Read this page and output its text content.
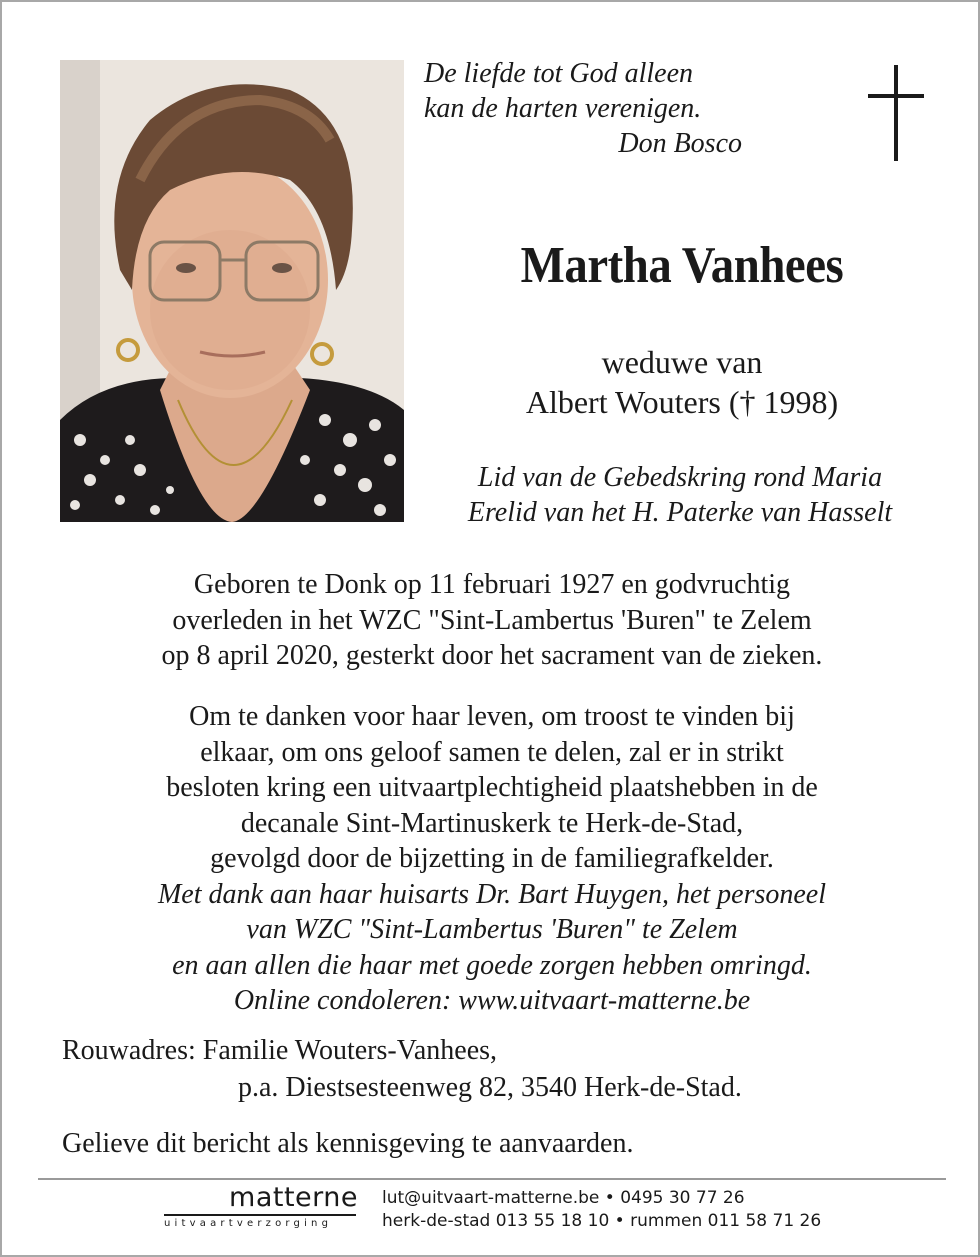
De liefde tot God alleen
kan de harten verenigen.
Don Bosco
Martha Vanhees
weduwe van
Albert Wouters († 1998)
Lid van de Gebedskring rond Maria
Erelid van het H. Paterke van Hasselt
Geboren te Donk op 11 februari 1927 en godvruchtig
overleden in het WZC "Sint-Lambertus 'Buren" te Zelem
op 8 april 2020, gesterkt door het sacrament van de zieken.
Om te danken voor haar leven, om troost te vinden bij
elkaar, om ons geloof samen te delen, zal er in strikt
besloten kring een uitvaartplechtigheid plaatshebben in de
decanale Sint-Martinuskerk te Herk-de-Stad,
gevolgd door de bijzetting in de familiegrafkelder.
Met dank aan haar huisarts Dr. Bart Huygen, het personeel
van WZC "Sint-Lambertus 'Buren" te Zelem
en aan allen die haar met goede zorgen hebben omringd.
Online condoleren: www.uitvaart-matterne.be
Rouwadres: Familie Wouters-Vanhees,
p.a. Diestsesteenweg 82, 3540 Herk-de-Stad.
Gelieve dit bericht als kennisgeving te aanvaarden.
matterne
uitvaartverzorging
lut@uitvaart-matterne.be • 0495 30 77 26
herk-de-stad 013 55 18 10 • rummen 011 58 71 26
